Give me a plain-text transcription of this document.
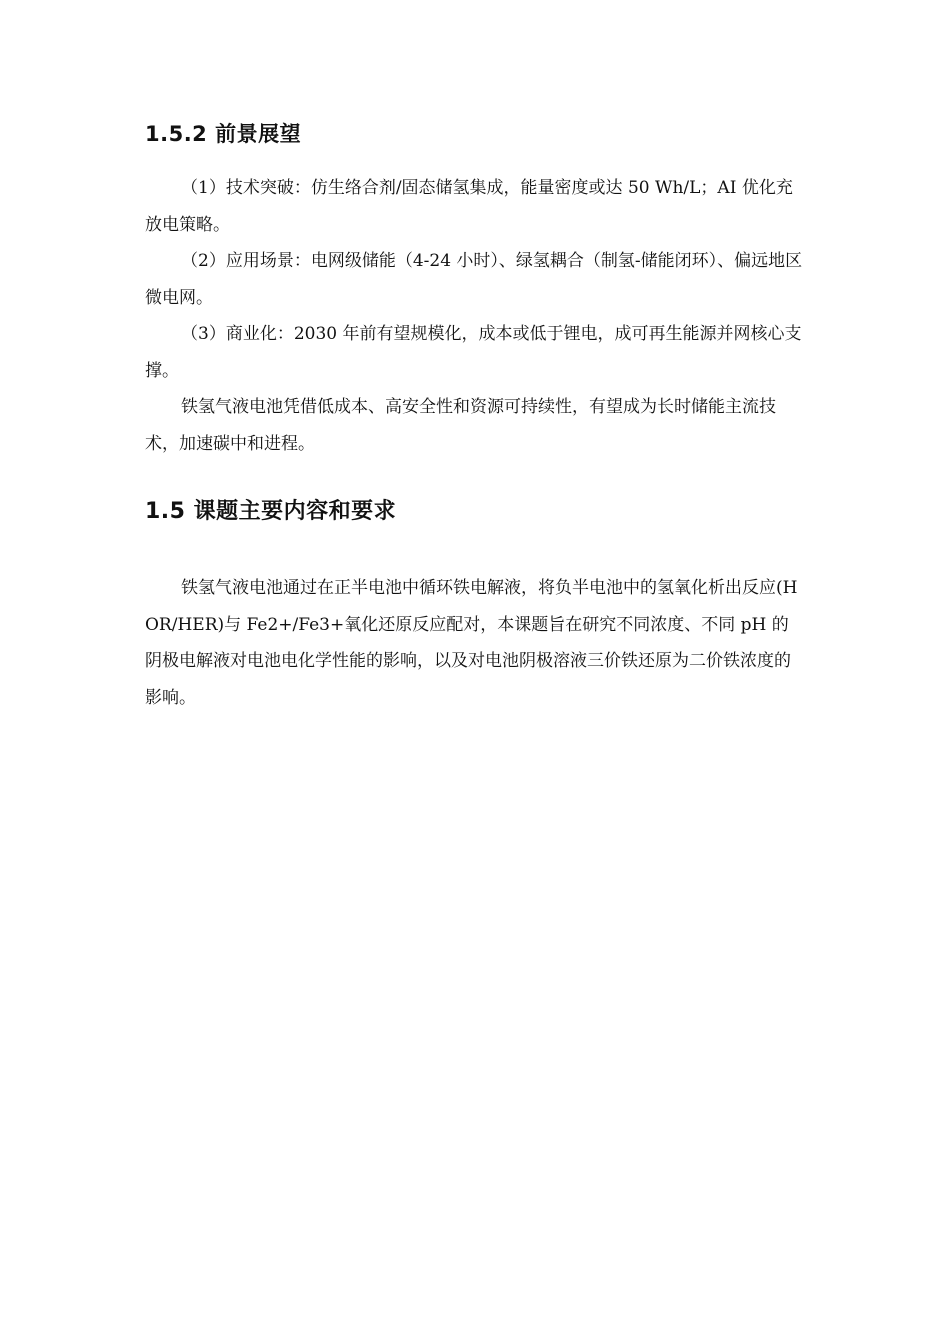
1.5.2 前景展望

（1）技术突破：仿生络合剂/固态储氢集成，能量密度或达 50 Wh/L；AI 优化充放电策略。

（2）应用场景：电网级储能（4-24 小时）、绿氢耦合（制氢-储能闭环）、偏远地区微电网。

（3）商业化：2030 年前有望规模化，成本或低于锂电，成可再生能源并网核心支撑。

铁氢气液电池凭借低成本、高安全性和资源可持续性，有望成为长时储能主流技术，加速碳中和进程。

1.5 课题主要内容和要求

铁氢气液电池通过在正半电池中循环铁电解液，将负半电池中的氢氧化析出反应(HOR/HER)与 Fe2+/Fe3+氧化还原反应配对，本课题旨在研究不同浓度、不同 pH 的阴极电解液对电池电化学性能的影响，以及对电池阴极溶液三价铁还原为二价铁浓度的影响。
